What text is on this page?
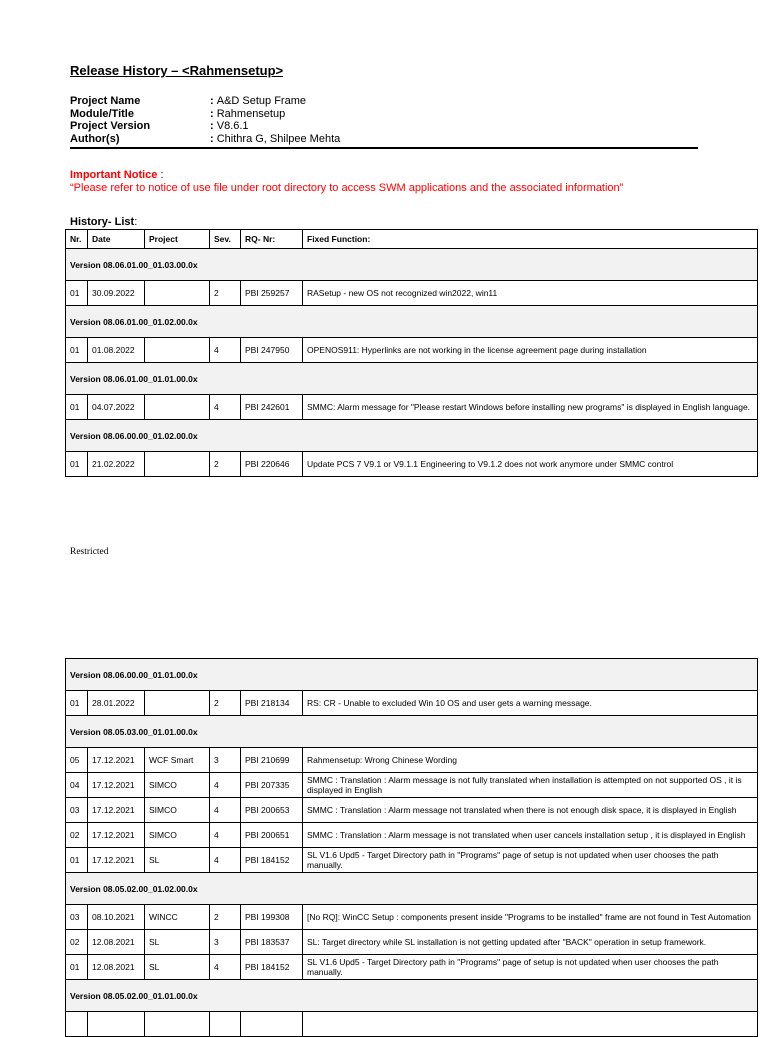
Release History – <Rahmensetup>
Project Name	: A&D Setup Frame
Module/Title	: Rahmensetup
Project Version	: V8.6.1
Author(s)	: Chithra G, Shilpee Mehta
Important Notice :
“Please refer to notice of use file under root directory to access SWM applications and the associated information”
History- List:
Nr.	Date	Project	Sev.	RQ- Nr:	Fixed Function:
Version 08.06.01.00_01.03.00.0x					
01	30.09.2022		2	PBI 259257	RASetup - new OS not recognized win2022, win11
Version 08.06.01.00_01.02.00.0x					
01	01.08.2022		4	PBI 247950	OPENOS911: Hyperlinks are not working in the license agreement page during installation
Version 08.06.01.00_01.01.00.0x					
01	04.07.2022		4	PBI 242601	SMMC: Alarm message for "Please restart Windows before installing new programs" is displayed in English language.
Version 08.06.00.00_01.02.00.0x					
01	21.02.2022		2	PBI 220646	Update PCS 7 V9.1 or V9.1.1 Engineering to V9.1.2 does not work anymore under SMMC control
Restricted
Version 08.06.00.00_01.01.00.0x					
01	28.01.2022		2	PBI 218134	RS: CR - Unable to excluded Win 10 OS and user gets a warning message.
Version 08.05.03.00_01.01.00.0x					
05	17.12.2021	WCF Smart	3	PBI 210699	Rahmensetup: Wrong Chinese Wording
04	17.12.2021	SIMCO	4	PBI 207335	SMMC : Translation : Alarm message is not fully translated when installation is attempted on not supported OS , it is displayed in English
03	17.12.2021	SIMCO	4	PBI 200653	SMMC : Translation : Alarm message not translated when there is not enough disk space, it is displayed in English
02	17.12.2021	SIMCO	4	PBI 200651	SMMC : Translation : Alarm message is not translated when user cancels installation setup , it is displayed in English
01	17.12.2021	SL	4	PBI 184152	SL V1.6 Upd5 - Target Directory path in "Programs" page of setup is not updated when user chooses the path manually.
Version 08.05.02.00_01.02.00.0x					
03	08.10.2021	WINCC	2	PBI 199308	[No RQ]: WinCC Setup : components present inside "Programs to be installed" frame are not found in Test Automation
02	12.08.2021	SL	3	PBI 183537	SL: Target directory while SL installation is not getting updated after "BACK" operation in setup framework.
01	12.08.2021	SL	4	PBI 184152	SL V1.6 Upd5 - Target Directory path in "Programs" page of setup is not updated when user chooses the path manually.
Version 08.05.02.00_01.01.00.0x					
